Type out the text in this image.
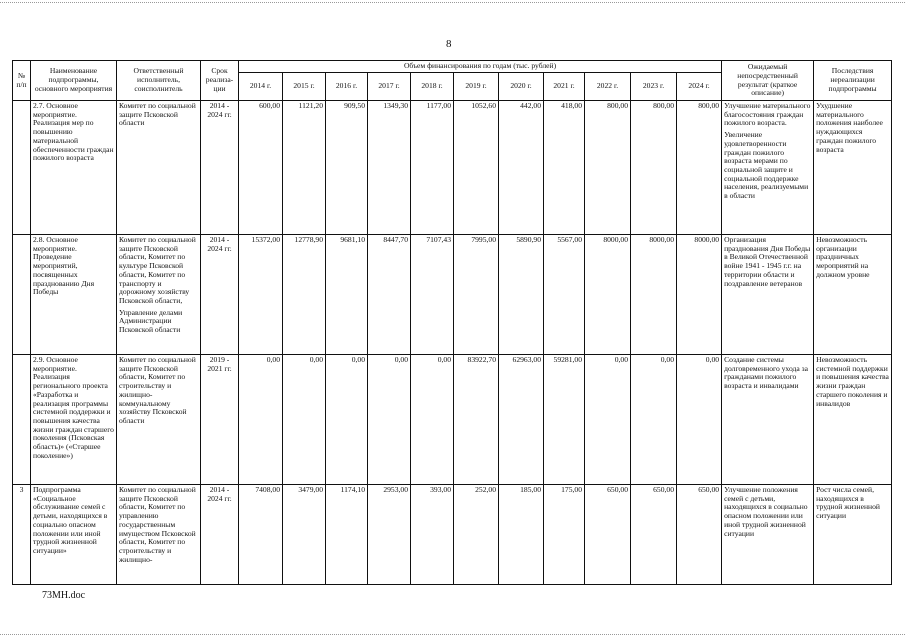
8
№ п/п	Наименование подпрограммы, основного мероприятия	Ответственный исполнитель, соисполнитель	Срок реализа- ции	Объем финансирования по годам (тыс. рублей)											Ожидаемый непосредственный результат (краткое описание)	Последствия нереализации подпрограммы
				2014 г.	2015 г.	2016 г.	2017 г.	2018 г.	2019 г.	2020 г.	2021 г.	2022 г.	2023 г.	2024 г.		
	2.7. Основное мероприятие. Реализация мер по повышению материальной обеспеченности граждан пожилого возраста	Комитет по социальной защите Псковской области	2014 - 2024 гг.	600,00	1121,20	909,50	1349,30	1177,00	1052,60	442,00	418,00	800,00	800,00	800,00	Улучшение материального благосостояния граждан пожилого возраста.
Увеличение удовлетворенности граждан пожилого возраста мерами по социальной защите и социальной поддержке населения, реализуемыми в области	Ухудшение материального положения наиболее нуждающихся граждан пожилого возраста
	2.8. Основное мероприятие. Проведение мероприятий, посвященных празднованию Дня Победы	Комитет по социальной защите Псковской области, Комитет по культуре Псковской области, Комитет по транспорту и дорожному хозяйству Псковской области,
Управление делами Администрации Псковской области	2014 - 2024 гг.	15372,00	12778,90	9681,10	8447,70	7107,43	7995,00	5890,90	5567,00	8000,00	8000,00	8000,00	Организация празднования Дня Победы в Великой Отечественной войне 1941 - 1945 г.г. на территории области и поздравление ветеранов	Невозможность организации праздничных мероприятий на должном уровне
	2.9. Основное мероприятие. Реализация регионального проекта «Разработка и реализация программы системной поддержки и повышения качества жизни граждан старшего поколения (Псковская область)» («Старшее поколение»)	Комитет по социальной защите Псковской области, Комитет по строительству и жилищно-коммунальному хозяйству Псковской области	2019 - 2021 гг.	0,00	0,00	0,00	0,00	0,00	83922,70	62963,00	59281,00	0,00	0,00	0,00	Создание системы долговременного ухода за гражданами пожилого возраста и инвалидами	Невозможность системной поддержки и повышения качества жизни граждан старшего поколения и инвалидов
3	Подпрограмма «Социальное обслуживание семей с детьми, находящихся в социально опасном положении или иной трудной жизненной ситуации»	Комитет по социальной защите Псковской области, Комитет по управлению государственным имуществом Псковской области, Комитет по строительству и жилищно-	2014 - 2024 гг.	7408,00	3479,00	1174,10	2953,00	393,00	252,00	185,00	175,00	650,00	650,00	650,00	Улучшение положения семей с детьми, находящихся в социально опасном положении или иной трудной жизненной ситуации	Рост числа семей, находящихся в трудной жизненной ситуации
73MH.doc
